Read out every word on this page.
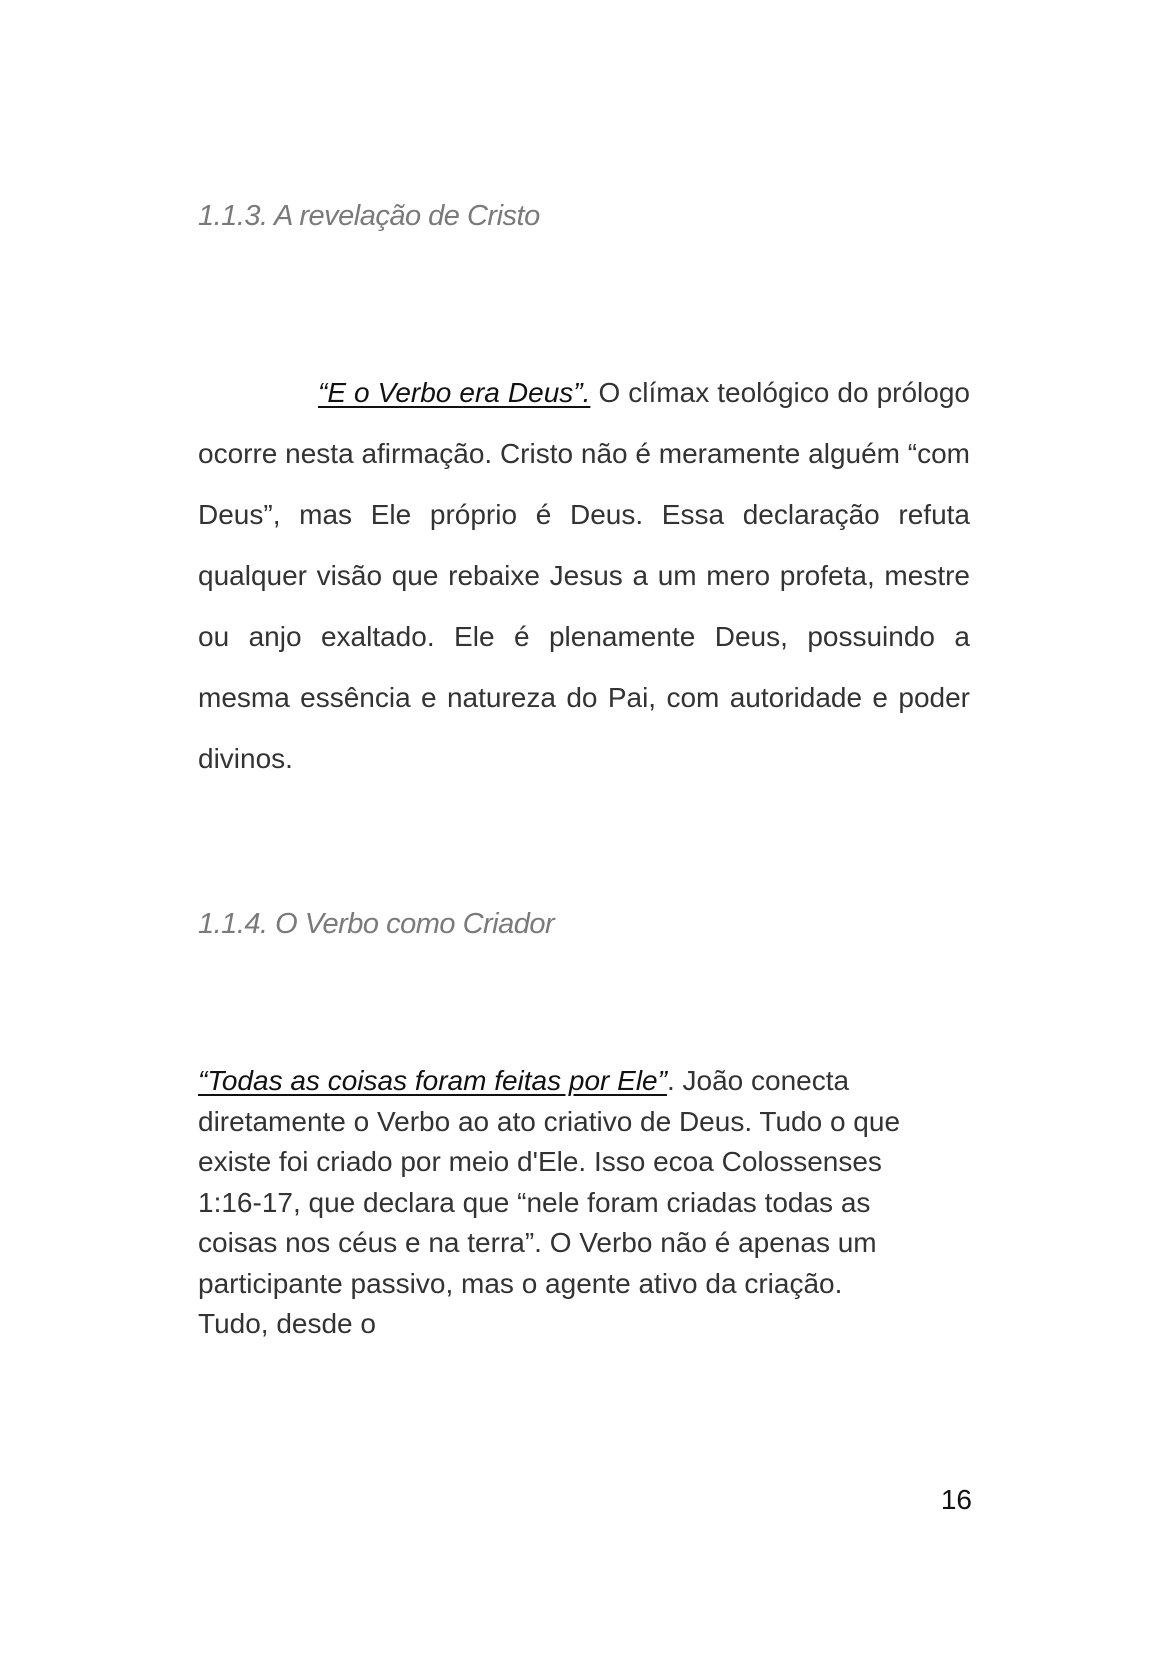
1.1.3. A revelação de Cristo

“E o Verbo era Deus”. O clímax teológico do prólogo ocorre nesta afirmação. Cristo não é meramente alguém “com Deus”, mas Ele próprio é Deus. Essa declaração refuta qualquer visão que rebaixe Jesus a um mero profeta, mestre ou anjo exaltado. Ele é plenamente Deus, possuindo a mesma essência e natureza do Pai, com autoridade e poder divinos.

1.1.4. O Verbo como Criador

“Todas as coisas foram feitas por Ele”. João conecta
diretamente o Verbo ao ato criativo de Deus. Tudo o que
existe foi criado por meio d'Ele. Isso ecoa Colossenses
1:16-17, que declara que “nele foram criadas todas as
coisas nos céus e na terra”. O Verbo não é apenas um
participante passivo, mas o agente ativo da criação.
Tudo, desde o

16
